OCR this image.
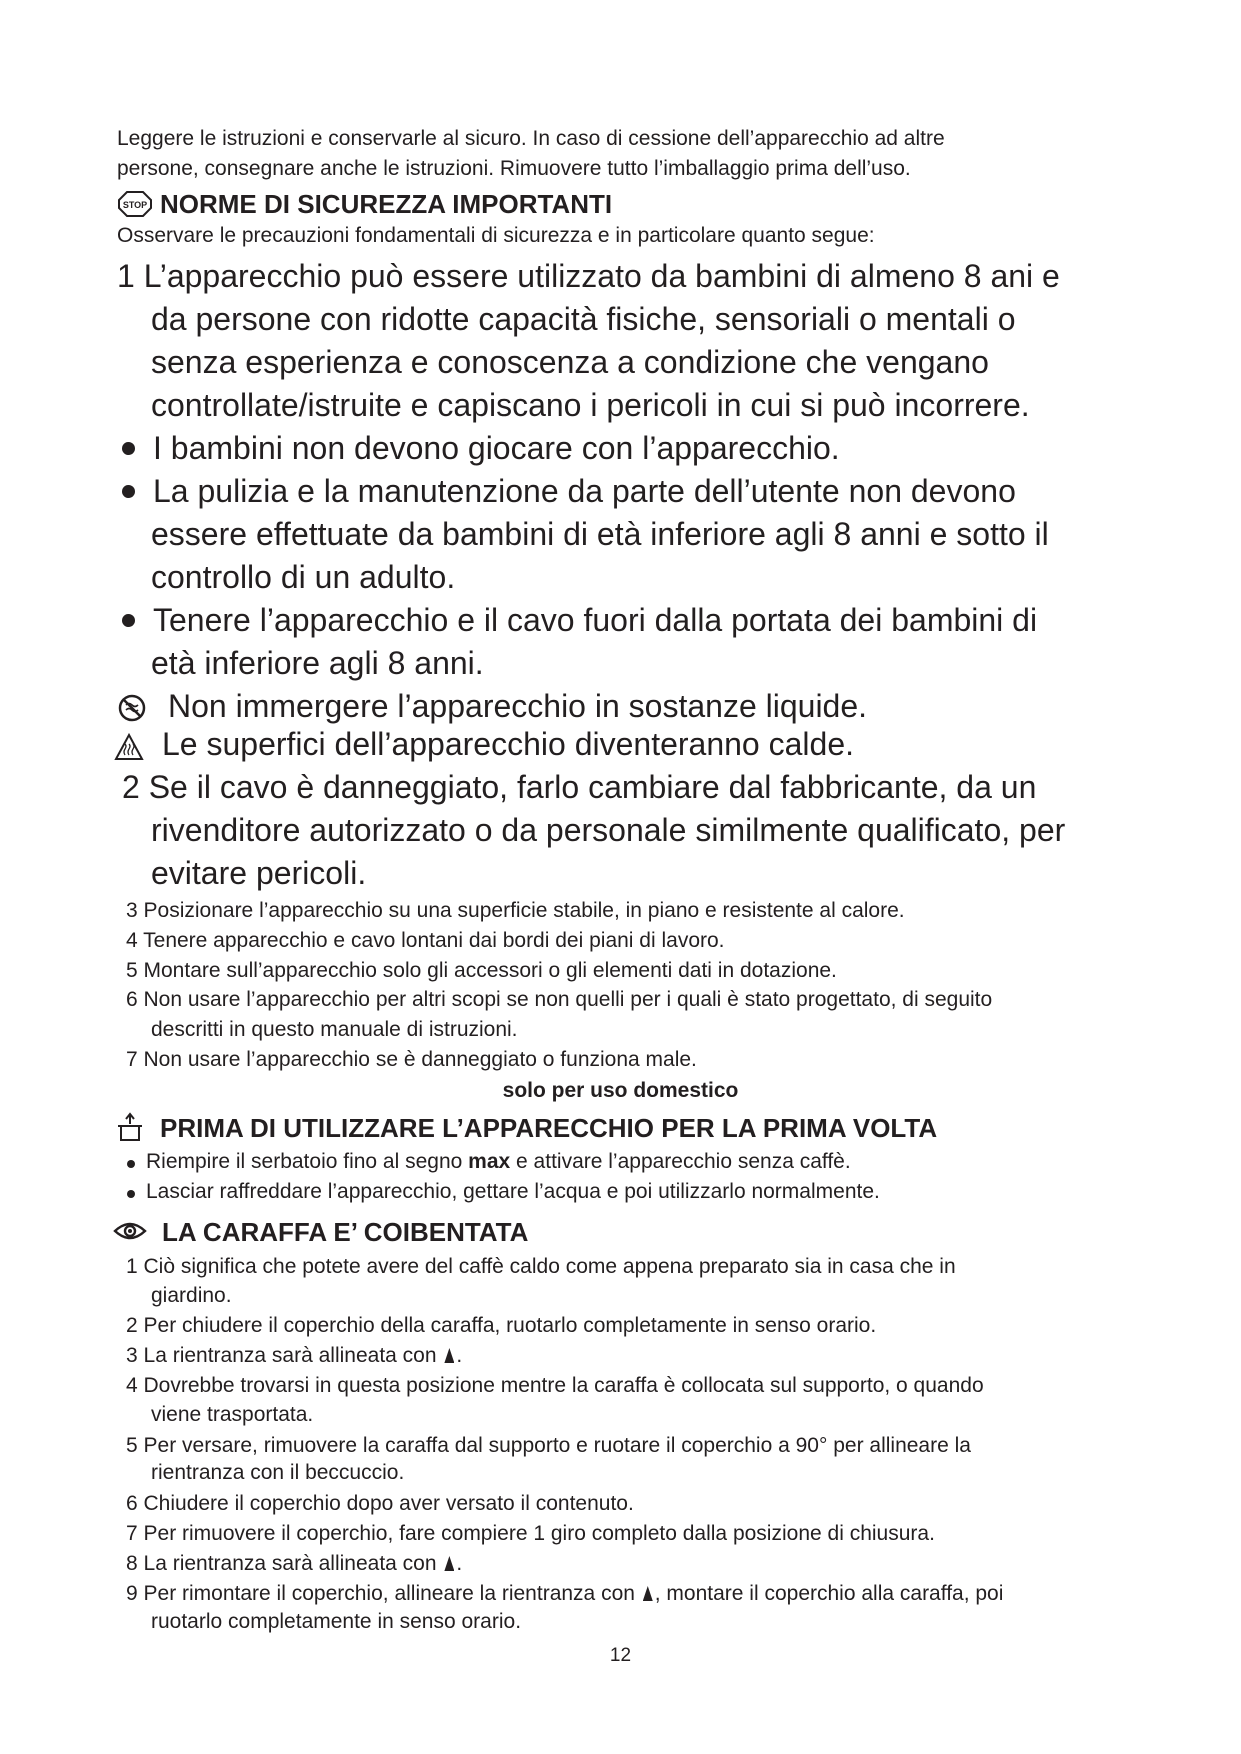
Leggere le istruzioni e conservarle al sicuro. In caso di cessione dell’apparecchio ad altre
persone, consegnare anche le istruzioni. Rimuovere tutto l’imballaggio prima dell’uso.
STOP NORME DI SICUREZZA IMPORTANTI
Osservare le precauzioni fondamentali di sicurezza e in particolare quanto segue:
1 L’apparecchio può essere utilizzato da bambini di almeno 8 ani e
da persone con ridotte capacità fisiche, sensoriali o mentali o
senza esperienza e conoscenza a condizione che vengano
controllate/istruite e capiscano i pericoli in cui si può incorrere.
I bambini non devono giocare con l’apparecchio.
La pulizia e la manutenzione da parte dell’utente non devono
essere effettuate da bambini di età inferiore agli 8 anni e sotto il
controllo di un adulto.
Tenere l’apparecchio e il cavo fuori dalla portata dei bambini di
età inferiore agli 8 anni.
Non immergere l’apparecchio in sostanze liquide.
Le superfici dell’apparecchio diventeranno calde.
2 Se il cavo è danneggiato, farlo cambiare dal fabbricante, da un
rivenditore autorizzato o da personale similmente qualificato, per
evitare pericoli.
3 Posizionare l’apparecchio su una superficie stabile, in piano e resistente al calore.
4 Tenere apparecchio e cavo lontani dai bordi dei piani di lavoro.
5 Montare sull’apparecchio solo gli accessori o gli elementi dati in dotazione.
6 Non usare l’apparecchio per altri scopi se non quelli per i quali è stato progettato, di seguito
descritti in questo manuale di istruzioni.
7 Non usare l’apparecchio se è danneggiato o funziona male.
solo per uso domestico
PRIMA DI UTILIZZARE L’APPARECCHIO PER LA PRIMA VOLTA
Riempire il serbatoio fino al segno max e attivare l’apparecchio senza caffè.
Lasciar raffreddare l’apparecchio, gettare l’acqua e poi utilizzarlo normalmente.
LA CARAFFA E’ COIBENTATA
1 Ciò significa che potete avere del caffè caldo come appena preparato sia in casa che in
giardino.
2 Per chiudere il coperchio della caraffa, ruotarlo completamente in senso orario.
3 La rientranza sarà allineata con .
4 Dovrebbe trovarsi in questa posizione mentre la caraffa è collocata sul supporto, o quando
viene trasportata.
5 Per versare, rimuovere la caraffa dal supporto e ruotare il coperchio a 90° per allineare la
rientranza con il beccuccio.
6 Chiudere il coperchio dopo aver versato il contenuto.
7 Per rimuovere il coperchio, fare compiere 1 giro completo dalla posizione di chiusura.
8 La rientranza sarà allineata con .
9 Per rimontare il coperchio, allineare la rientranza con , montare il coperchio alla caraffa, poi
ruotarlo completamente in senso orario.
12
